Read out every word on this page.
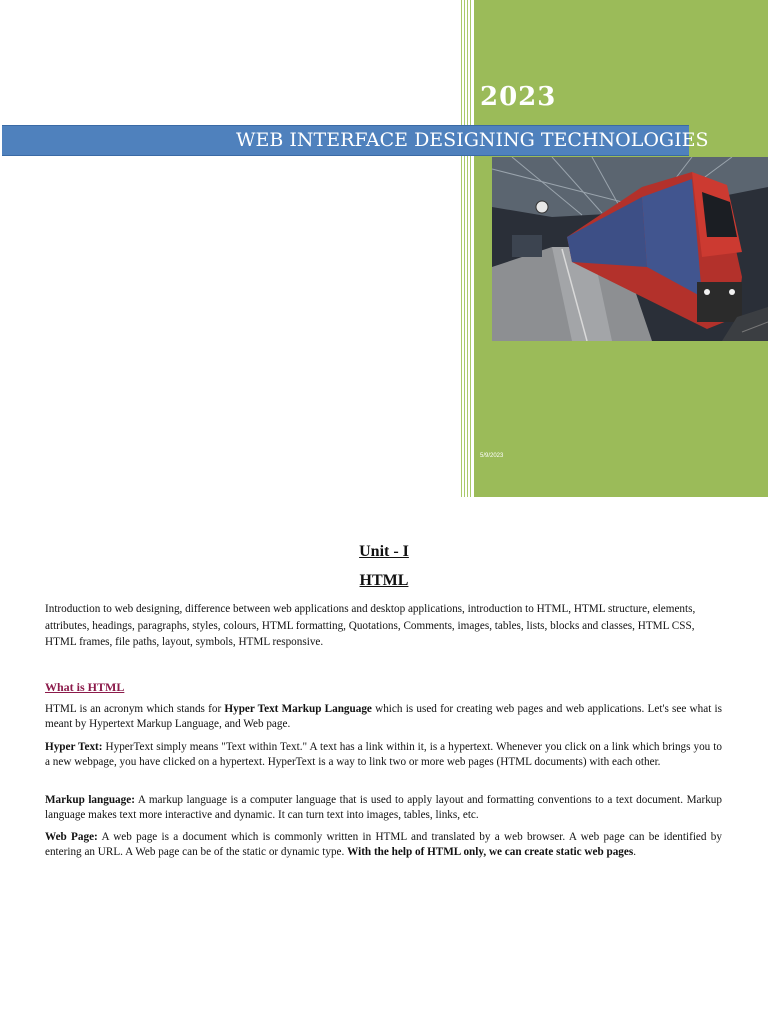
2023
WEB INTERFACE DESIGNING TECHNOLOGIES
5/9/2023
Unit - I
HTML
Introduction to web designing, difference between web applications and desktop applications, introduction to HTML, HTML structure, elements, attributes, headings, paragraphs, styles, colours, HTML formatting, Quotations, Comments, images, tables, lists, blocks and classes, HTML CSS, HTML frames, file paths, layout, symbols, HTML responsive.
What is HTML
HTML is an acronym which stands for Hyper Text Markup Language which is used for creating web pages and web applications. Let's see what is meant by Hypertext Markup Language, and Web page.
Hyper Text: HyperText simply means "Text within Text." A text has a link within it, is a hypertext. Whenever you click on a link which brings you to a new webpage, you have clicked on a hypertext. HyperText is a way to link two or more web pages (HTML documents) with each other.
Markup language: A markup language is a computer language that is used to apply layout and formatting conventions to a text document. Markup language makes text more interactive and dynamic. It can turn text into images, tables, links, etc.
Web Page: A web page is a document which is commonly written in HTML and translated by a web browser. A web page can be identified by entering an URL. A Web page can be of the static or dynamic type. With the help of HTML only, we can create static web pages.
